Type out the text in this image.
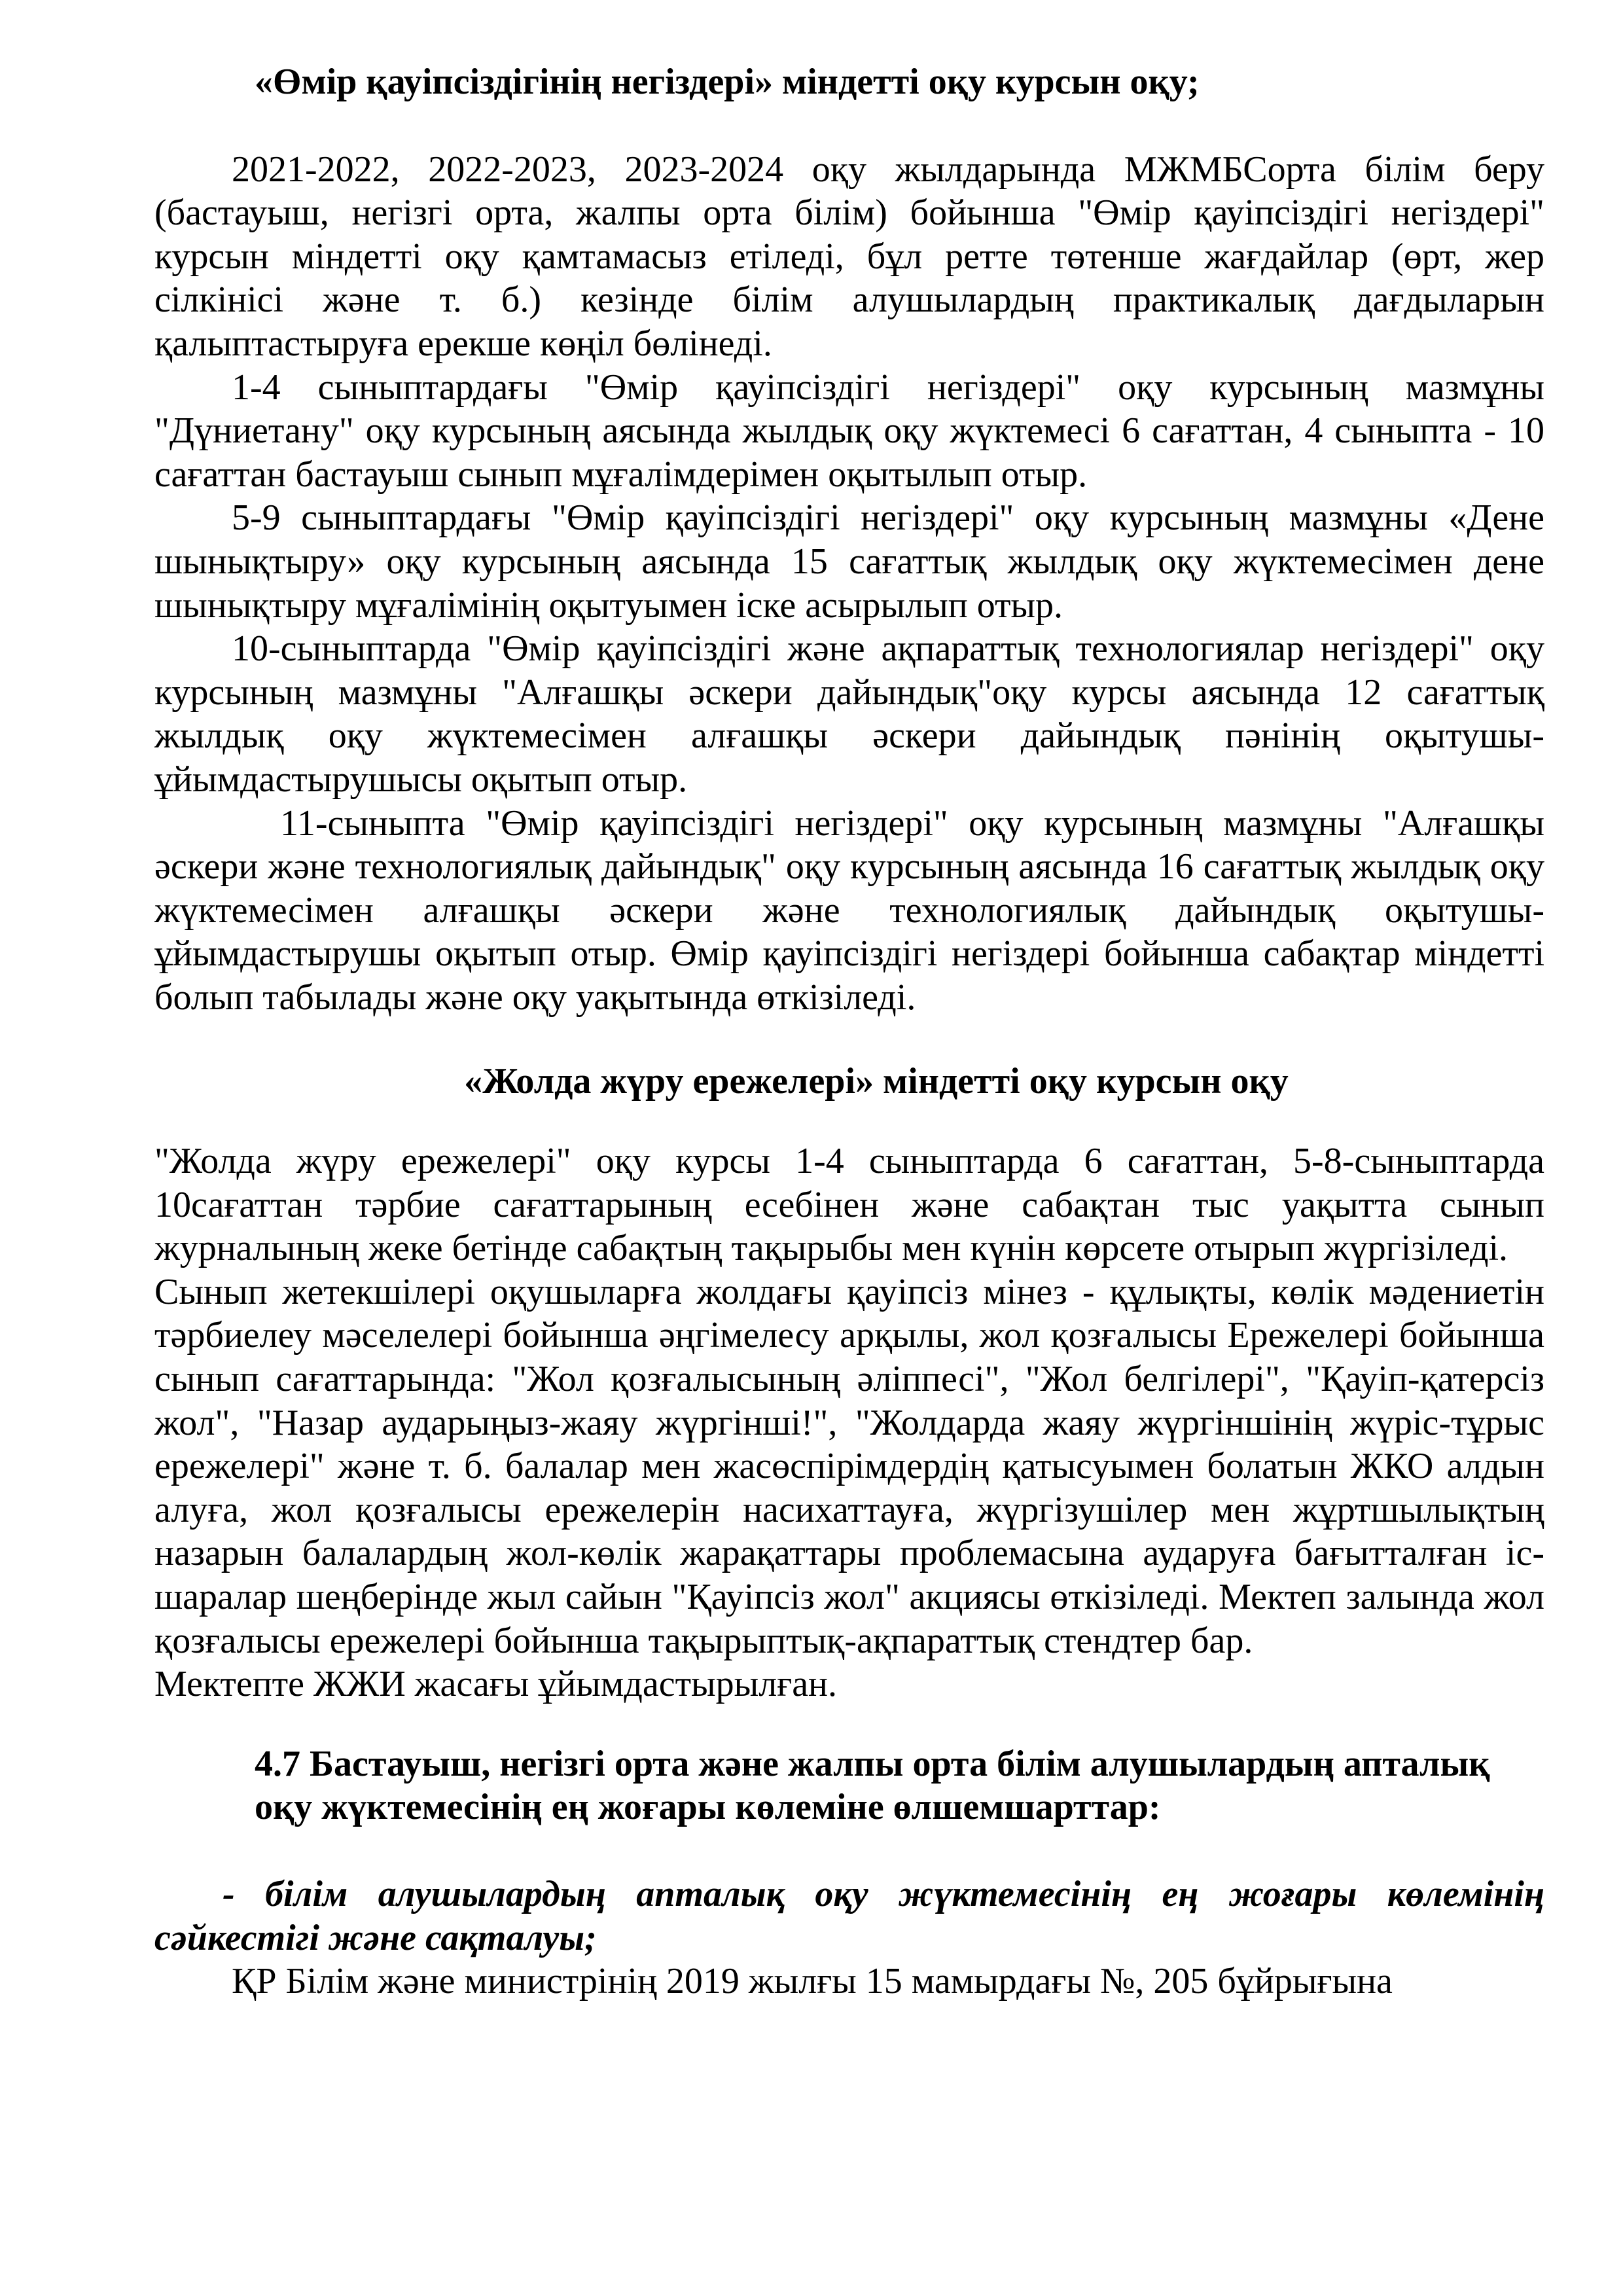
«Өмір қауіпсіздігінің негіздері» міндетті оқу курсын оқу;

2021-2022, 2022-2023, 2023-2024 оқу жылдарында МЖМБСорта білім беру (бастауыш, негізгі орта, жалпы орта білім) бойынша "Өмір қауіпсіздігі негіздері" курсын міндетті оқу қамтамасыз етіледі, бұл ретте төтенше жағдайлар (өрт, жер сілкінісі және т. б.) кезінде білім алушылардың практикалық дағдыларын қалыптастыруға ерекше көңіл бөлінеді.

1-4 сыныптардағы "Өмір қауіпсіздігі негіздері" оқу курсының мазмұны "Дүниетану" оқу курсының аясында жылдық оқу жүктемесі 6 сағаттан, 4 сыныпта - 10 сағаттан бастауыш сынып мұғалімдерімен оқытылып отыр.

5-9 сыныптардағы "Өмір қауіпсіздігі негіздері" оқу курсының мазмұны «Дене шынықтыру» оқу курсының аясында 15 сағаттық жылдық оқу жүктемесімен дене шынықтыру мұғалімінің оқытуымен іске асырылып отыр.

10-сыныптарда "Өмір қауіпсіздігі және ақпараттық технологиялар негіздері" оқу курсының мазмұны "Алғашқы әскери дайындық"оқу курсы аясында 12 сағаттық жылдық оқу жүктемесімен алғашқы әскери дайындық пәнінің оқытушы-ұйымдастырушысы оқытып отыр.

11-сыныпта "Өмір қауіпсіздігі негіздері" оқу курсының мазмұны "Алғашқы әскери және технологиялық дайындық" оқу курсының аясында 16 сағаттық жылдық оқу жүктемесімен алғашқы әскери және технологиялық дайындық оқытушы-ұйымдастырушы оқытып отыр. Өмір қауіпсіздігі негіздері бойынша сабақтар міндетті болып табылады және оқу уақытында өткізіледі.

«Жолда жүру ережелері» міндетті оқу курсын оқу

"Жолда жүру ережелері" оқу курсы 1-4 сыныптарда 6 сағаттан, 5-8-сыныптарда 10сағаттан тәрбие сағаттарының есебінен және сабақтан тыс уақытта сынып журналының жеке бетінде сабақтың тақырыбы мен күнін көрсете отырып жүргізіледі.

Сынып жетекшілері оқушыларға жолдағы қауіпсіз мінез - құлықты, көлік мәдениетін тәрбиелеу мәселелері бойынша әңгімелесу арқылы, жол қозғалысы Ережелері бойынша сынып сағаттарында: "Жол қозғалысының әліппесі", "Жол белгілері", "Қауіп-қатерсіз жол", "Назар аударыңыз-жаяу жүргінші!", "Жолдарда жаяу жүргіншінің жүріс-тұрыс ережелері" және т. б. балалар мен жасөспірімдердің қатысуымен болатын ЖКО алдын алуға, жол қозғалысы ережелерін насихаттауға, жүргізушілер мен жұртшылықтың назарын балалардың жол-көлік жарақаттары проблемасына аударуға бағытталған іс-шаралар шеңберінде жыл сайын "Қауіпсіз жол" акциясы өткізіледі. Мектеп залында жол қозғалысы ережелері бойынша тақырыптық-ақпараттық стендтер бар.

Мектепте ЖЖИ жасағы ұйымдастырылған.

4.7 Бастауыш, негізгі орта және жалпы орта білім алушылардың апталық оқу жүктемесінің ең жоғары көлеміне өлшемшарттар:

- білім алушылардың апталық оқу жүктемесінің ең жоғары көлемінің сәйкестігі және сақталуы;

ҚР Білім және министрінің 2019 жылғы 15 мамырдағы №, 205 бұйрығына
